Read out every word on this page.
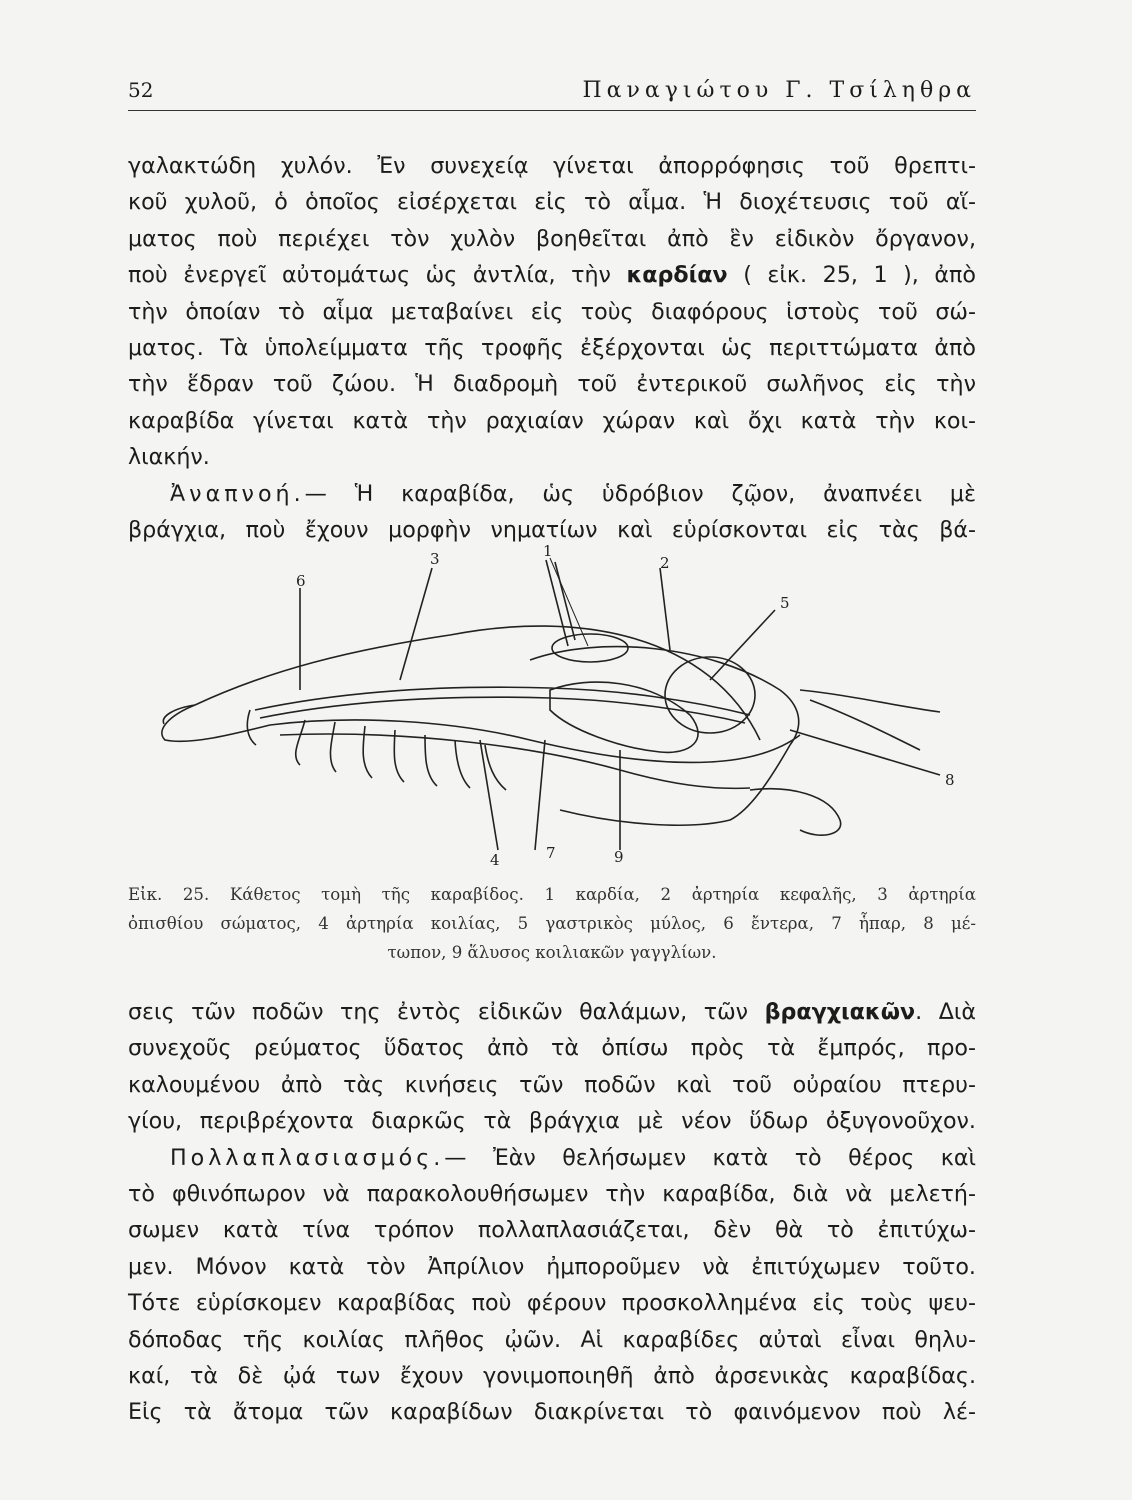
52	Παναγιώτου Γ. Τσίληθρα
γαλακτώδη χυλόν. Ἐν συνεχείᾳ γίνεται ἀπορρόφησις τοῦ θρεπτι-
κοῦ χυλοῦ, ὁ ὁποῖος εἰσέρχεται εἰς τὸ αἷμα. Ἡ διοχέτευσις τοῦ αἵ-
ματος ποὺ περιέχει τὸν χυλὸν βοηθεῖται ἀπὸ ἓν εἰδικὸν ὄργανον,
ποὺ ἐνεργεῖ αὐτομάτως ὡς ἀντλία, τὴν καρδίαν ( εἰκ. 25, 1 ), ἀπὸ
τὴν ὁποίαν τὸ αἷμα μεταβαίνει εἰς τοὺς διαφόρους ἱστοὺς τοῦ σώ-
ματος. Τὰ ὑπολείμματα τῆς τροφῆς ἐξέρχονται ὡς περιττώματα ἀπὸ
τὴν ἕδραν τοῦ ζώου. Ἡ διαδρομὴ τοῦ ἐντερικοῦ σωλῆνος εἰς τὴν
καραβίδα γίνεται κατὰ τὴν ραχιαίαν χώραν καὶ ὄχι κατὰ τὴν κοι-
λιακήν.
Ἀναπνοή.— Ἡ καραβίδα, ὡς ὑδρόβιον ζῷον, ἀναπνέει μὲ
βράγχια, ποὺ ἔχουν μορφὴν νηματίων καὶ εὑρίσκονται εἰς τὰς βά-
1
2
3
4
5
6
7
8
9
Εἰκ. 25. Κάθετος τομὴ τῆς καραβίδος. 1 καρδία, 2 ἀρτηρία κεφαλῆς, 3 ἀρτηρία
ὀπισθίου σώματος, 4 ἀρτηρία κοιλίας, 5 γαστρικὸς μύλος, 6 ἔντερα, 7 ἧπαρ, 8 μέ-
τωπον, 9 ἅλυσος κοιλιακῶν γαγγλίων.
σεις τῶν ποδῶν της ἐντὸς εἰδικῶν θαλάμων, τῶν βραγχιακῶν. Διὰ
συνεχοῦς ρεύματος ὕδατος ἀπὸ τὰ ὀπίσω πρὸς τὰ ἔμπρός, προ-
καλουμένου ἀπὸ τὰς κινήσεις τῶν ποδῶν καὶ τοῦ οὐραίου πτερυ-
γίου, περιβρέχοντα διαρκῶς τὰ βράγχια μὲ νέον ὕδωρ ὀξυγονοῦχον.
Πολλαπλασιασμός.— Ἐὰν θελήσωμεν κατὰ τὸ θέρος καὶ
τὸ φθινόπωρον νὰ παρακολουθήσωμεν τὴν καραβίδα, διὰ νὰ μελετή-
σωμεν κατὰ τίνα τρόπον πολλαπλασιάζεται, δὲν θὰ τὸ ἐπιτύχω-
μεν. Μόνον κατὰ τὸν Ἀπρίλιον ἠμποροῦμεν νὰ ἐπιτύχωμεν τοῦτο.
Τότε εὑρίσκομεν καραβίδας ποὺ φέρουν προσκολλημένα εἰς τοὺς ψευ-
δόποδας τῆς κοιλίας πλῆθος ᾠῶν. Αἱ καραβίδες αὐταὶ εἶναι θηλυ-
καί, τὰ δὲ ᾠά των ἔχουν γονιμοποιηθῆ ἀπὸ ἀρσενικὰς καραβίδας.
Εἰς τὰ ἄτομα τῶν καραβίδων διακρίνεται τὸ φαινόμενον ποὺ λέ-
